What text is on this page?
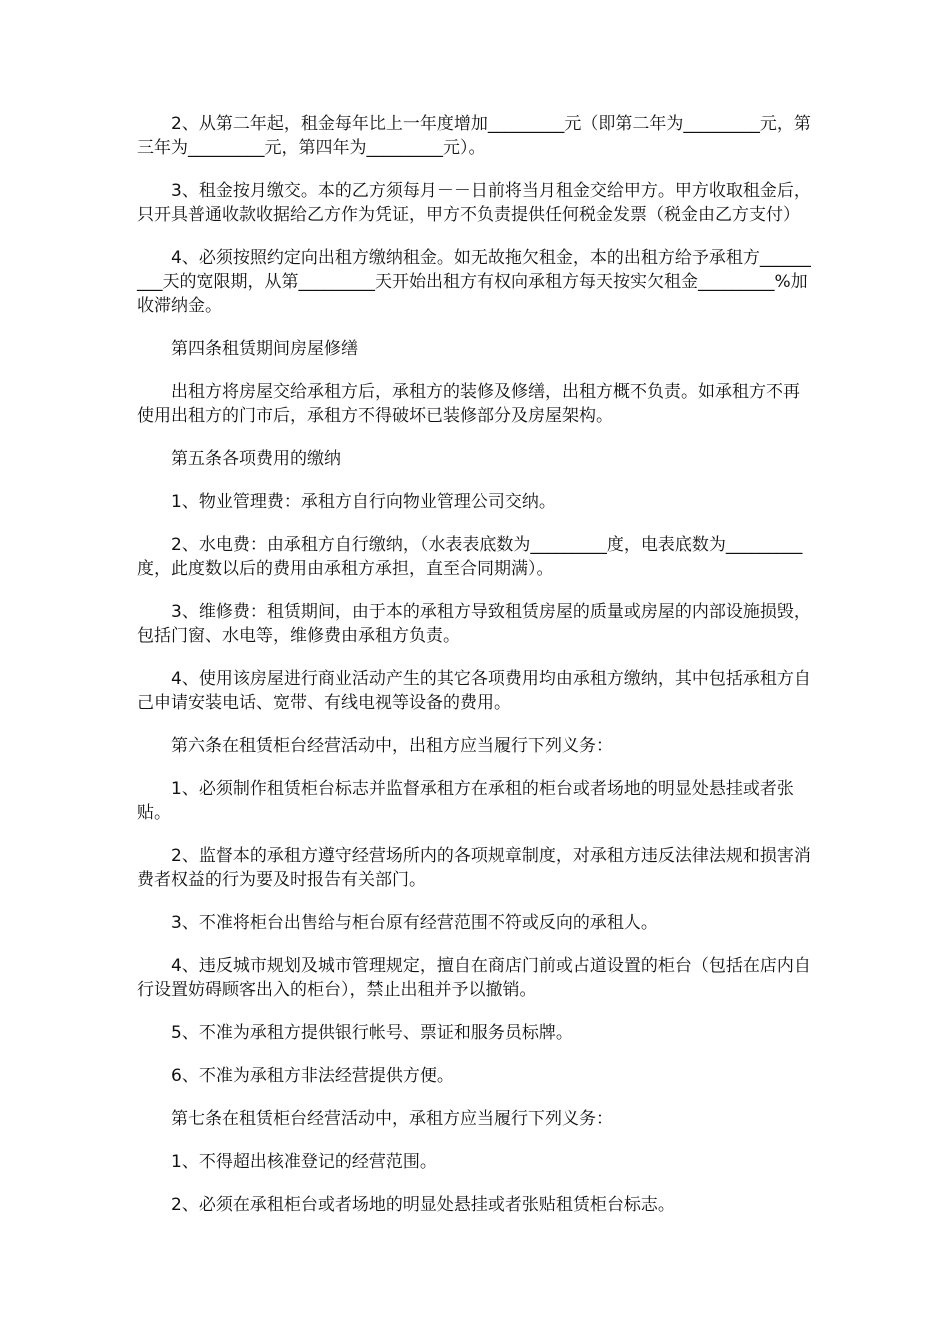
2、从第二年起，租金每年比上一年度增加_________元（即第二年为_________元，第三年为_________元，第四年为_________元）。

3、租金按月缴交。本的乙方须每月－－日前将当月租金交给甲方。甲方收取租金后，只开具普通收款收据给乙方作为凭证，甲方不负责提供任何税金发票（税金由乙方支付）

4、必须按照约定向出租方缴纳租金。如无故拖欠租金，本的出租方给予承租方_________天的宽限期，从第_________天开始出租方有权向承租方每天按实欠租金_________%加收滞纳金。

第四条租赁期间房屋修缮

出租方将房屋交给承租方后，承租方的装修及修缮，出租方概不负责。如承租方不再使用出租方的门市后，承租方不得破坏已装修部分及房屋架构。

第五条各项费用的缴纳

1、物业管理费：承租方自行向物业管理公司交纳。

2、水电费：由承租方自行缴纳，（水表表底数为_________度，电表底数为_________度，此度数以后的费用由承租方承担，直至合同期满）。

3、维修费：租赁期间，由于本的承租方导致租赁房屋的质量或房屋的内部设施损毁，包括门窗、水电等，维修费由承租方负责。

4、使用该房屋进行商业活动产生的其它各项费用均由承租方缴纳，其中包括承租方自己申请安装电话、宽带、有线电视等设备的费用。

第六条在租赁柜台经营活动中，出租方应当履行下列义务：

1、必须制作租赁柜台标志并监督承租方在承租的柜台或者场地的明显处悬挂或者张贴。

2、监督本的承租方遵守经营场所内的各项规章制度，对承租方违反法律法规和损害消费者权益的行为要及时报告有关部门。

3、不准将柜台出售给与柜台原有经营范围不符或反向的承租人。

4、违反城市规划及城市管理规定，擅自在商店门前或占道设置的柜台（包括在店内自行设置妨碍顾客出入的柜台），禁止出租并予以撤销。

5、不准为承租方提供银行帐号、票证和服务员标牌。

6、不准为承租方非法经营提供方便。

第七条在租赁柜台经营活动中，承租方应当履行下列义务：

1、不得超出核准登记的经营范围。

2、必须在承租柜台或者场地的明显处悬挂或者张贴租赁柜台标志。
